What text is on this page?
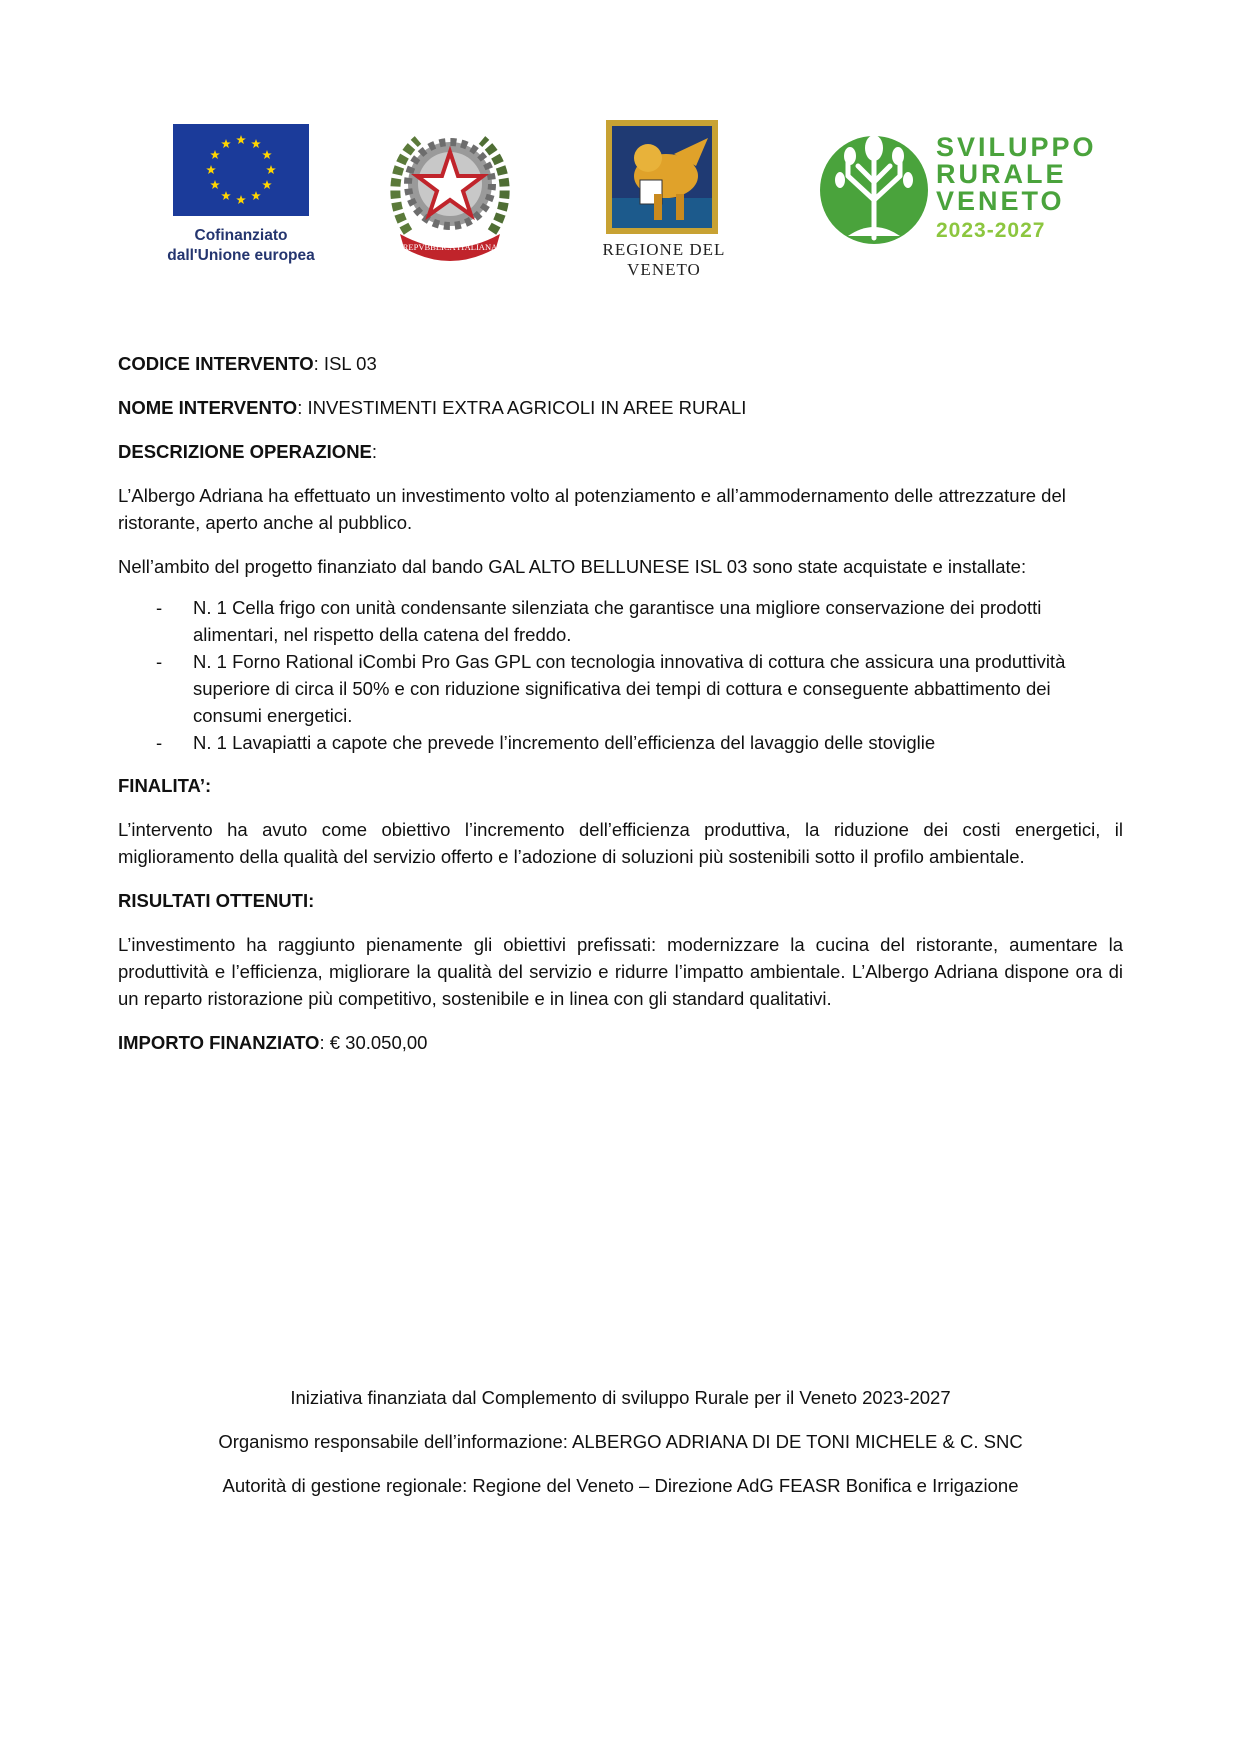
Cofinanziato
dall'Unione europea	REPVBBLICA ITALIANA	REGIONE DEL VENETO
SVILUPPO
RURALE
VENETO
2023-2027

CODICE INTERVENTO: ISL 03

NOME INTERVENTO: INVESTIMENTI EXTRA AGRICOLI IN AREE RURALI

DESCRIZIONE OPERAZIONE:

L’Albergo Adriana ha effettuato un investimento volto al potenziamento e all’ammodernamento delle attrezzature del ristorante, aperto anche al pubblico.

Nell’ambito del progetto finanziato dal bando GAL ALTO BELLUNESE ISL 03 sono state acquistate e installate:

- N. 1 Cella frigo con unità condensante silenziata che garantisce una migliore conservazione dei prodotti alimentari, nel rispetto della catena del freddo.
- N. 1 Forno Rational iCombi Pro Gas GPL con tecnologia innovativa di cottura che assicura una produttività superiore di circa il 50% e con riduzione significativa dei tempi di cottura e conseguente abbattimento dei consumi energetici.
- N. 1 Lavapiatti a capote che prevede l’incremento dell’efficienza del lavaggio delle stoviglie

FINALITA’:

L’intervento ha avuto come obiettivo l’incremento dell’efficienza produttiva, la riduzione dei costi energetici, il miglioramento della qualità del servizio offerto e l’adozione di soluzioni più sostenibili sotto il profilo ambientale.

RISULTATI OTTENUTI:

L’investimento ha raggiunto pienamente gli obiettivi prefissati: modernizzare la cucina del ristorante, aumentare la produttività e l’efficienza, migliorare la qualità del servizio e ridurre l’impatto ambientale. L’Albergo Adriana dispone ora di un reparto ristorazione più competitivo, sostenibile e in linea con gli standard qualitativi.

IMPORTO FINANZIATO: € 30.050,00

Iniziativa finanziata dal Complemento di sviluppo Rurale per il Veneto 2023-2027

Organismo responsabile dell’informazione: ALBERGO ADRIANA DI DE TONI MICHELE & C. SNC

Autorità di gestione regionale: Regione del Veneto – Direzione AdG FEASR Bonifica e Irrigazione
